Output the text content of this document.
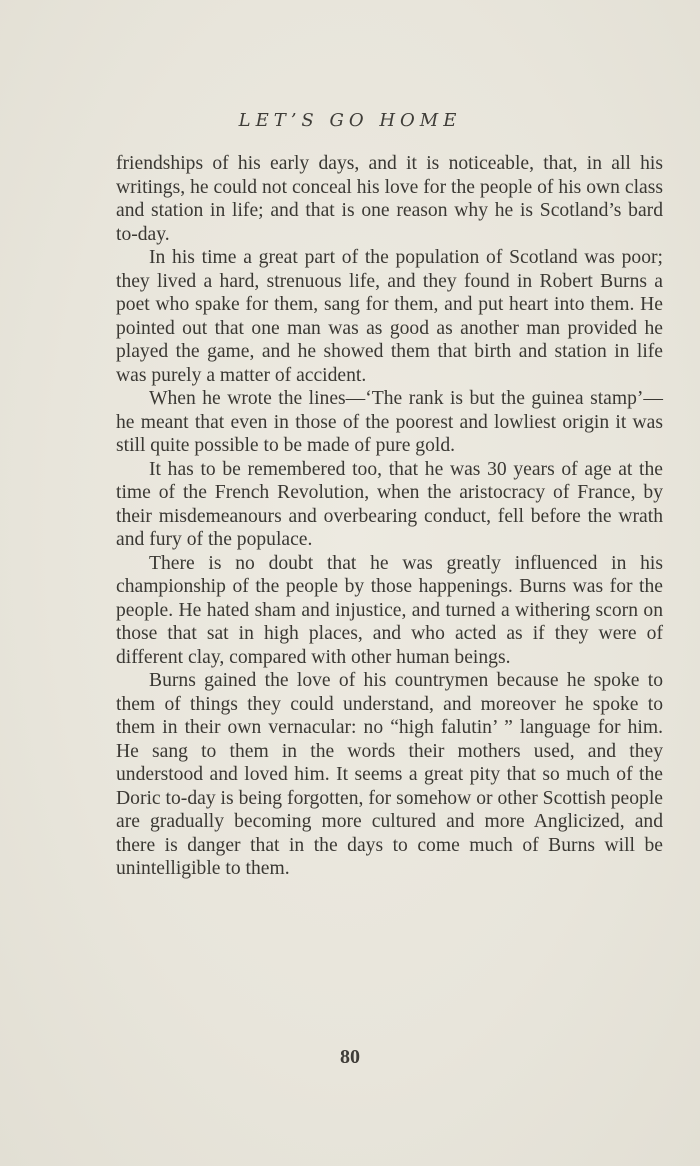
LET’S GO HOME

friendships of his early days, and it is noticeable, that, in all his writings, he could not conceal his love for the people of his own class and station in life; and that is one reason why he is Scotland’s bard to-day.

In his time a great part of the population of Scotland was poor; they lived a hard, strenuous life, and they found in Robert Burns a poet who spake for them, sang for them, and put heart into them. He pointed out that one man was as good as another man provided he played the game, and he showed them that birth and station in life was purely a matter of accident.

When he wrote the lines—‘The rank is but the guinea stamp’—he meant that even in those of the poorest and lowliest origin it was still quite possible to be made of pure gold.

It has to be remembered too, that he was 30 years of age at the time of the French Revolution, when the aristocracy of France, by their misdemeanours and overbearing conduct, fell before the wrath and fury of the populace.

There is no doubt that he was greatly influenced in his championship of the people by those happenings. Burns was for the people. He hated sham and injustice, and turned a withering scorn on those that sat in high places, and who acted as if they were of different clay, compared with other human beings.

Burns gained the love of his countrymen because he spoke to them of things they could understand, and moreover he spoke to them in their own vernacular: no “high falutin’ ” language for him. He sang to them in the words their mothers used, and they understood and loved him. It seems a great pity that so much of the Doric to-day is being forgotten, for somehow or other Scottish people are gradually becoming more cultured and more Anglicized, and there is danger that in the days to come much of Burns will be unintelligible to them.

80
